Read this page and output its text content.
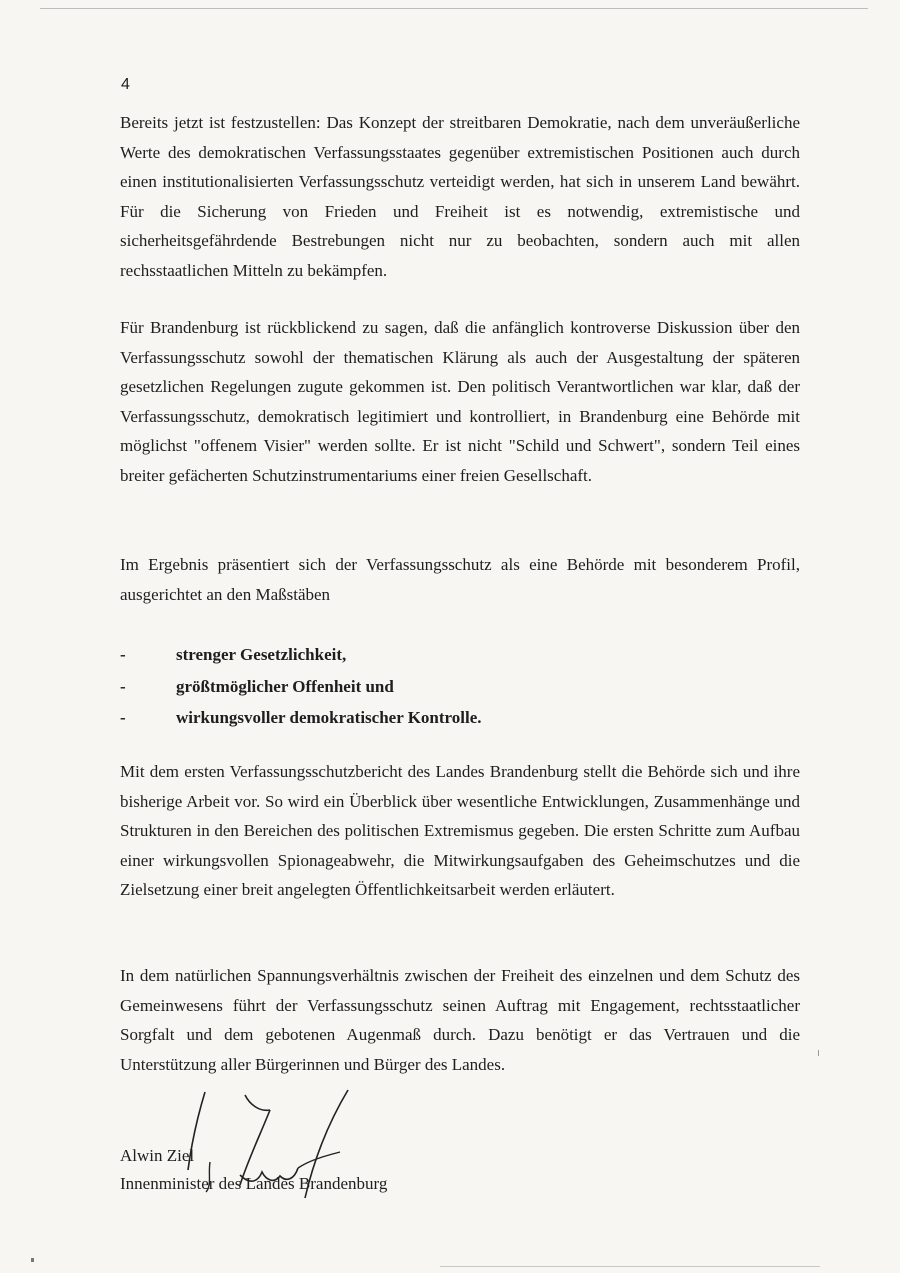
4

Bereits jetzt ist festzustellen: Das Konzept der streitbaren Demokratie, nach dem unveräußerliche Werte des demokratischen Verfassungsstaates gegenüber extremistischen Positionen auch durch einen institutionalisierten Verfassungsschutz verteidigt werden, hat sich in unserem Land bewährt. Für die Sicherung von Frieden und Freiheit ist es notwendig, extremistische und sicherheitsgefährdende Bestrebungen nicht nur zu beobachten, sondern auch mit allen rechsstaatlichen Mitteln zu bekämpfen.

Für Brandenburg ist rückblickend zu sagen, daß die anfänglich kontroverse Diskussion über den Verfassungsschutz sowohl der thematischen Klärung als auch der Ausgestaltung der späteren gesetzlichen Regelungen zugute gekommen ist. Den politisch Verantwortlichen war klar, daß der Verfassungsschutz, demokratisch legitimiert und kontrolliert, in Brandenburg eine Behörde mit möglichst "offenem Visier" werden sollte. Er ist nicht "Schild und Schwert", sondern Teil eines breiter gefächerten Schutzinstrumentariums einer freien Gesellschaft.

Im Ergebnis präsentiert sich der Verfassungsschutz als eine Behörde mit besonderem Profil, ausgerichtet an den Maßstäben

-	strenger Gesetzlichkeit,
-	größtmöglicher Offenheit und
-	wirkungsvoller demokratischer Kontrolle.

Mit dem ersten Verfassungsschutzbericht des Landes Brandenburg stellt die Behörde sich und ihre bisherige Arbeit vor. So wird ein Überblick über wesentliche Entwicklungen, Zusammenhänge und Strukturen in den Bereichen des politischen Extremismus gegeben. Die ersten Schritte zum Aufbau einer wirkungsvollen Spionageabwehr, die Mitwirkungsaufgaben des Geheimschutzes und die Zielsetzung einer breit angelegten Öffentlichkeitsarbeit werden erläutert.

In dem natürlichen Spannungsverhältnis zwischen der Freiheit des einzelnen und dem Schutz des Gemeinwesens führt der Verfassungsschutz seinen Auftrag mit Engagement, rechtsstaatlicher Sorgfalt und dem gebotenen Augenmaß durch. Dazu benötigt er das Vertrauen und die Unterstützung aller Bürgerinnen und Bürger des Landes.

Alwin Ziel
Innenminister des Landes Brandenburg
